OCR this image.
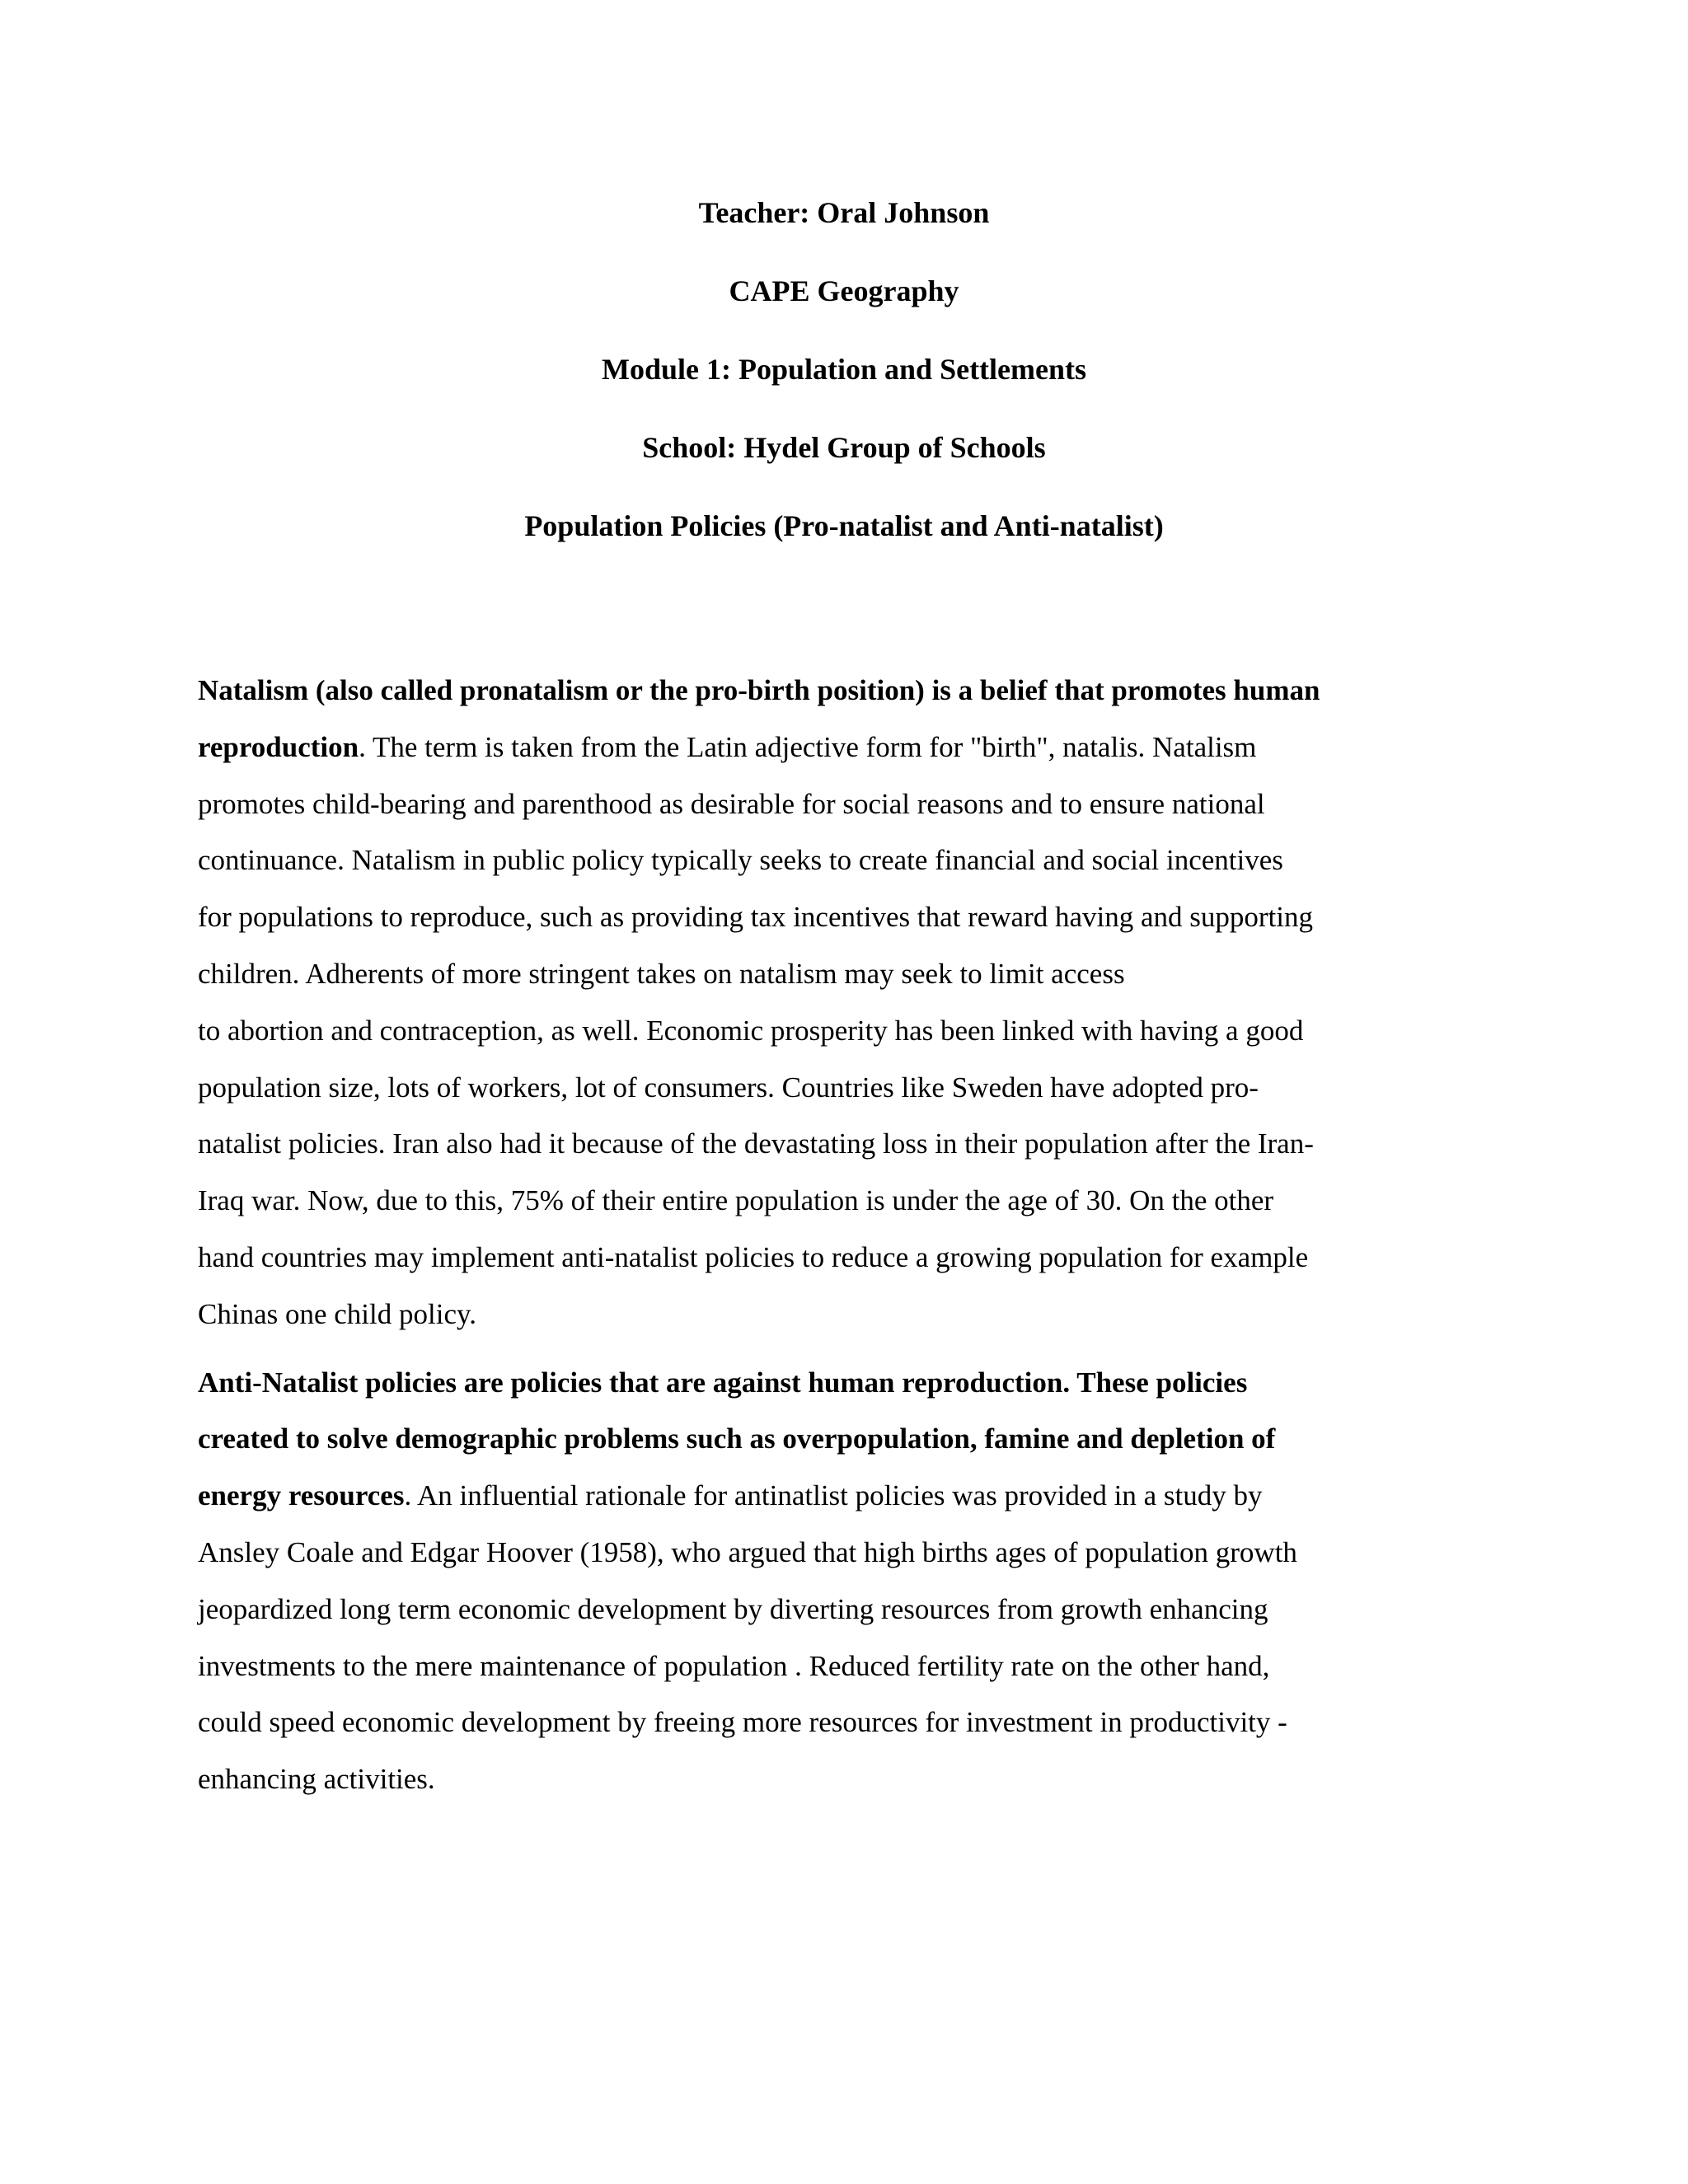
Teacher: Oral Johnson
CAPE Geography
Module 1: Population and Settlements
School: Hydel Group of Schools
Population Policies (Pro-natalist and Anti-natalist)
Natalism (also called pronatalism or the pro-birth position) is a belief that promotes human
reproduction. The term is taken from the Latin adjective form for "birth", natalis. Natalism
promotes child-bearing and parenthood as desirable for social reasons and to ensure national
continuance. Natalism in public policy typically seeks to create financial and social incentives
for populations to reproduce, such as providing tax incentives that reward having and supporting
children. Adherents of more stringent takes on natalism may seek to limit access
to abortion and contraception, as well. Economic prosperity has been linked with having a good
population size, lots of workers, lot of consumers. Countries like Sweden have adopted pro-
natalist policies. Iran also had it because of the devastating loss in their population after the Iran-
Iraq war. Now, due to this, 75% of their entire population is under the age of 30. On the other
hand countries may implement anti-natalist policies to reduce a growing population for example
Chinas one child policy.
Anti-Natalist policies are policies that are against human reproduction. These policies
created to solve demographic problems such as overpopulation, famine and depletion of
energy resources. An influential rationale for antinatlist policies was provided in a study by
Ansley Coale and Edgar Hoover (1958), who argued that high births ages of population growth
jeopardized long term economic development by diverting resources from growth enhancing
investments to the mere maintenance of population . Reduced fertility rate on the other hand,
could speed economic development by freeing more resources for investment in productivity -
enhancing activities.
